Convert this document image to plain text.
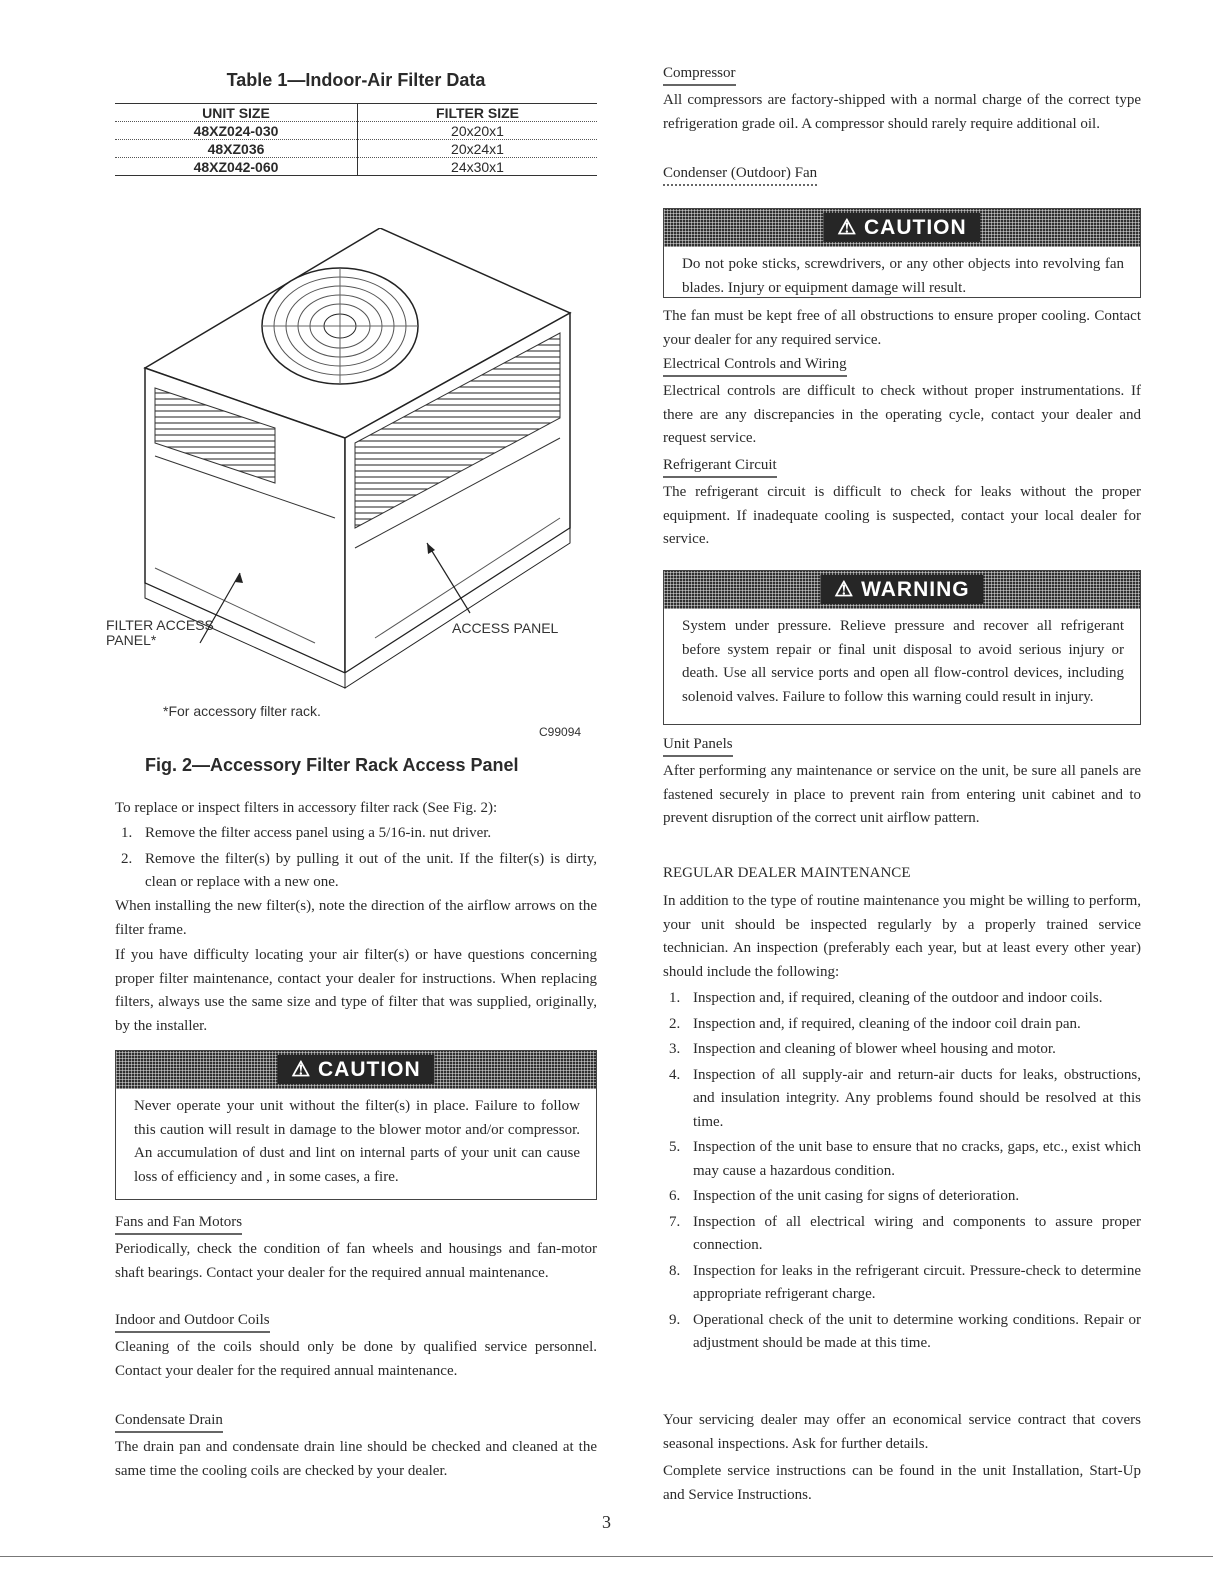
Table 1—Indoor-Air Filter Data
UNIT SIZE	FILTER SIZE
48XZ024-030	20x20x1
48XZ036	20x24x1
48XZ042-060	24x30x1
FILTER ACCESS
PANEL*
ACCESS PANEL
*For accessory filter rack.
C99094
Fig. 2—Accessory Filter Rack Access Panel
To replace or inspect filters in accessory filter rack (See Fig. 2):
1. Remove the filter access panel using a 5/16-in. nut driver.
2. Remove the filter(s) by pulling it out of the unit. If the filter(s) is dirty, clean or replace with a new one.
When installing the new filter(s), note the direction of the airflow arrows on the filter frame.
If you have difficulty locating your air filter(s) or have questions concerning proper filter maintenance, contact your dealer for instructions. When replacing filters, always use the same size and type of filter that was supplied, originally, by the installer.
⚠ CAUTION
Never operate your unit without the filter(s) in place. Failure to follow this caution will result in damage to the blower motor and/or compressor. An accumulation of dust and lint on internal parts of your unit can cause loss of efficiency and , in some cases, a fire.
Fans and Fan Motors
Periodically, check the condition of fan wheels and housings and fan-motor shaft bearings. Contact your dealer for the required annual maintenance.
Indoor and Outdoor Coils
Cleaning of the coils should only be done by qualified service personnel. Contact your dealer for the required annual maintenance.
Condensate Drain
The drain pan and condensate drain line should be checked and cleaned at the same time the cooling coils are checked by your dealer.
Compressor
All compressors are factory-shipped with a normal charge of the correct type refrigeration grade oil. A compressor should rarely require additional oil.
Condenser (Outdoor) Fan
⚠ CAUTION
Do not poke sticks, screwdrivers, or any other objects into revolving fan blades. Injury or equipment damage will result.
The fan must be kept free of all obstructions to ensure proper cooling. Contact your dealer for any required service.
Electrical Controls and Wiring
Electrical controls are difficult to check without proper instrumentations. If there are any discrepancies in the operating cycle, contact your dealer and request service.
Refrigerant Circuit
The refrigerant circuit is difficult to check for leaks without the proper equipment. If inadequate cooling is suspected, contact your local dealer for service.
⚠ WARNING
System under pressure. Relieve pressure and recover all refrigerant before system repair or final unit disposal to avoid serious injury or death. Use all service ports and open all flow-control devices, including solenoid valves. Failure to follow this warning could result in injury.
Unit Panels
After performing any maintenance or service on the unit, be sure all panels are fastened securely in place to prevent rain from entering unit cabinet and to prevent disruption of the correct unit airflow pattern.
REGULAR DEALER MAINTENANCE
In addition to the type of routine maintenance you might be willing to perform, your unit should be inspected regularly by a properly trained service technician. An inspection (preferably each year, but at least every other year) should include the following:
1. Inspection and, if required, cleaning of the outdoor and indoor coils.
2. Inspection and, if required, cleaning of the indoor coil drain pan.
3. Inspection and cleaning of blower wheel housing and motor.
4. Inspection of all supply-air and return-air ducts for leaks, obstructions, and insulation integrity. Any problems found should be resolved at this time.
5. Inspection of the unit base to ensure that no cracks, gaps, etc., exist which may cause a hazardous condition.
6. Inspection of the unit casing for signs of deterioration.
7. Inspection of all electrical wiring and components to assure proper connection.
8. Inspection for leaks in the refrigerant circuit. Pressure-check to determine appropriate refrigerant charge.
9. Operational check of the unit to determine working conditions. Repair or adjustment should be made at this time.
Your servicing dealer may offer an economical service contract that covers seasonal inspections. Ask for further details.
Complete service instructions can be found in the unit Installation, Start-Up and Service Instructions.
3
